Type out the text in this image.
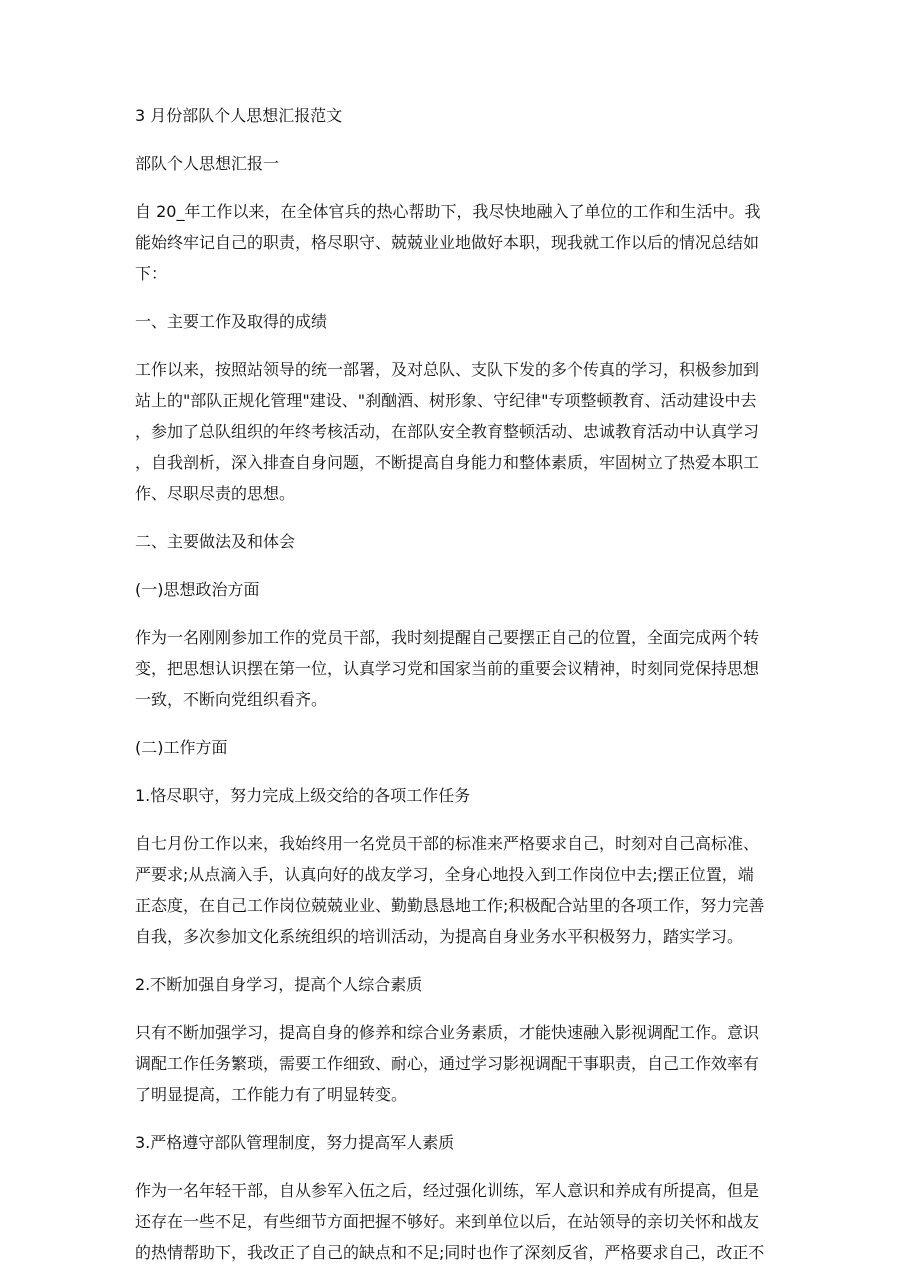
3 月份部队个人思想汇报范文

部队个人思想汇报一

自 20_年工作以来，在全体官兵的热心帮助下，我尽快地融入了单位的工作和生活中。我

能始终牢记自己的职责，格尽职守、兢兢业业地做好本职，现我就工作以后的情况总结如

下：

一、主要工作及取得的成绩

工作以来，按照站领导的统一部署，及对总队、支队下发的多个传真的学习，积极参加到

站上的"部队正规化管理"建设、"刹酗酒、树形象、守纪律"专项整顿教育、活动建设中去

，参加了总队组织的年终考核活动，在部队安全教育整顿活动、忠诚教育活动中认真学习

，自我剖析，深入排查自身问题，不断提高自身能力和整体素质，牢固树立了热爱本职工

作、尽职尽责的思想。

二、主要做法及和体会

(一)思想政治方面

作为一名刚刚参加工作的党员干部，我时刻提醒自己要摆正自己的位置，全面完成两个转

变，把思想认识摆在第一位，认真学习党和国家当前的重要会议精神，时刻同党保持思想

一致，不断向党组织看齐。

(二)工作方面

1.恪尽职守，努力完成上级交给的各项工作任务

自七月份工作以来，我始终用一名党员干部的标准来严格要求自己，时刻对自己高标准、

严要求;从点滴入手，认真向好的战友学习，全身心地投入到工作岗位中去;摆正位置，端

正态度，在自己工作岗位兢兢业业、勤勤恳恳地工作;积极配合站里的各项工作，努力完善

自我，多次参加文化系统组织的培训活动，为提高自身业务水平积极努力，踏实学习。

2.不断加强自身学习，提高个人综合素质

只有不断加强学习，提高自身的修养和综合业务素质，才能快速融入影视调配工作。意识

调配工作任务繁琐，需要工作细致、耐心，通过学习影视调配干事职责，自己工作效率有

了明显提高，工作能力有了明显转变。

3.严格遵守部队管理制度，努力提高军人素质

作为一名年轻干部，自从参军入伍之后，经过强化训练，军人意识和养成有所提高，但是

还存在一些不足，有些细节方面把握不够好。来到单位以后，在站领导的亲切关怀和战友

的热情帮助下，我改正了自己的缺点和不足;同时也作了深刻反省，严格要求自己，改正不
